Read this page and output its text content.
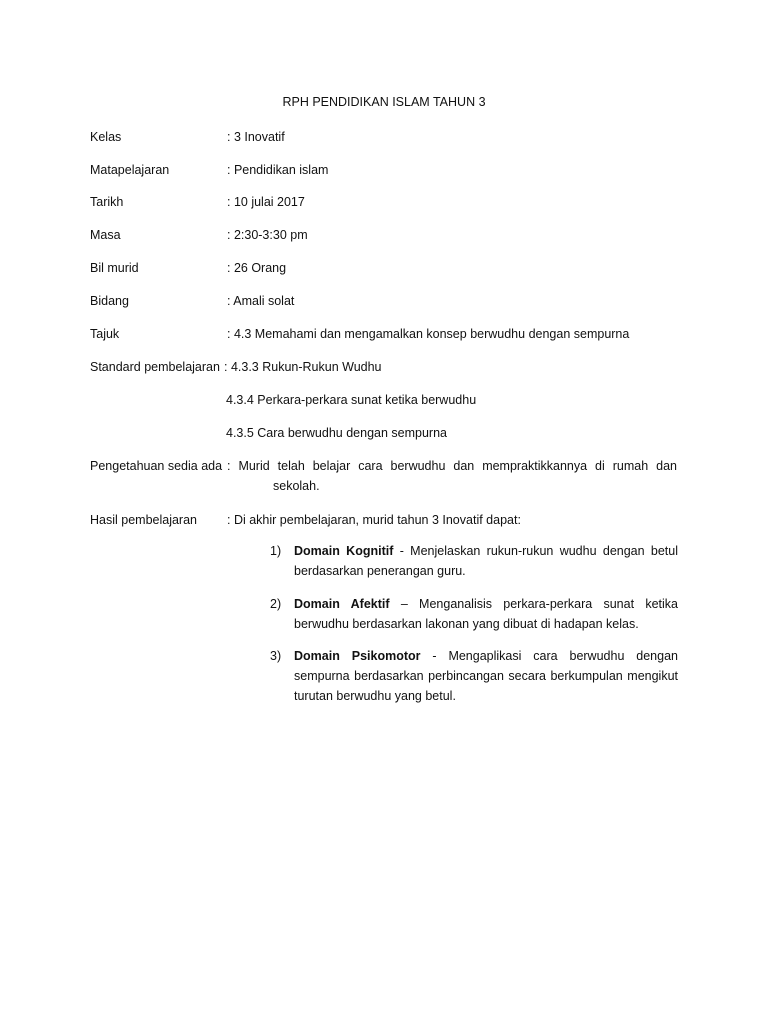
RPH PENDIDIKAN ISLAM TAHUN 3
Kelas	: 3 Inovatif
Matapelajaran	: Pendidikan islam
Tarikh	: 10 julai 2017
Masa	: 2:30-3:30 pm
Bil murid	: 26 Orang
Bidang	: Amali solat
Tajuk	: 4.3 Memahami dan mengamalkan konsep berwudhu dengan sempurna
Standard pembelajaran : 4.3.3 Rukun-Rukun Wudhu
4.3.4 Perkara-perkara sunat ketika berwudhu
4.3.5 Cara berwudhu dengan sempurna
Pengetahuan sedia ada : Murid telah belajar cara berwudhu dan mempraktikkannya di rumah dan
sekolah.
Hasil pembelajaran : Di akhir pembelajaran, murid tahun 3 Inovatif dapat:
1) Domain Kognitif - Menjelaskan rukun-rukun wudhu dengan betul berdasarkan penerangan guru.
2) Domain Afektif – Menganalisis perkara-perkara sunat ketika berwudhu berdasarkan lakonan yang dibuat di hadapan kelas.
3) Domain Psikomotor - Mengaplikasi cara berwudhu dengan sempurna berdasarkan perbincangan secara berkumpulan mengikut turutan berwudhu yang betul.
